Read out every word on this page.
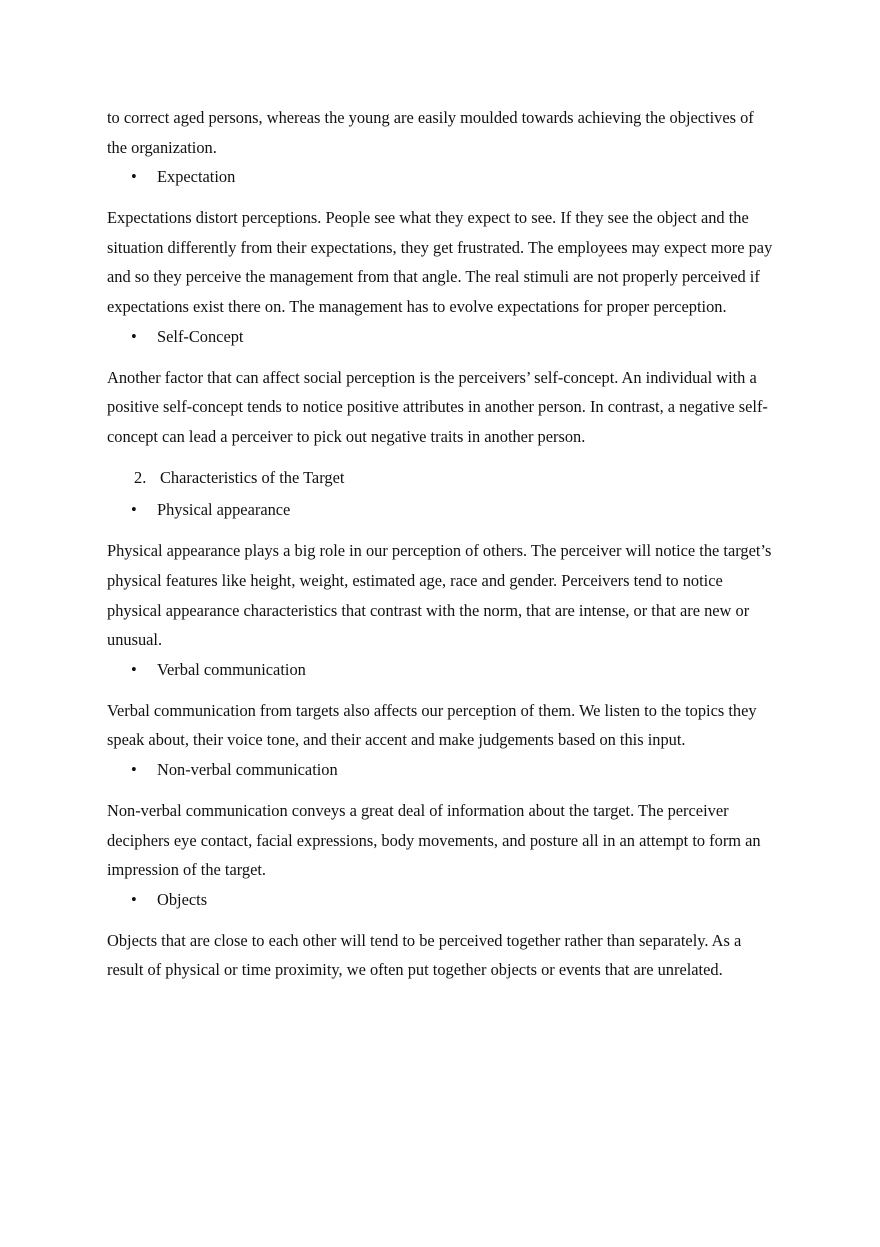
to correct aged persons, whereas the young are easily moulded towards achieving the objectives of the organization.

• Expectation

Expectations distort perceptions. People see what they expect to see. If they see the object and the situation differently from their expectations, they get frustrated. The employees may expect more pay and so they perceive the management from that angle. The real stimuli are not properly perceived if expectations exist there on. The management has to evolve expectations for proper perception.

• Self-Concept

Another factor that can affect social perception is the perceivers’ self-concept. An individual with a positive self-concept tends to notice positive attributes in another person. In contrast, a negative self-concept can lead a perceiver to pick out negative traits in another person.

2. Characteristics of the Target
• Physical appearance

Physical appearance plays a big role in our perception of others. The perceiver will notice the target’s physical features like height, weight, estimated age, race and gender. Perceivers tend to notice physical appearance characteristics that contrast with the norm, that are intense, or that are new or unusual.

• Verbal communication

Verbal communication from targets also affects our perception of them. We listen to the topics they speak about, their voice tone, and their accent and make judgements based on this input.

• Non-verbal communication

Non-verbal communication conveys a great deal of information about the target. The perceiver deciphers eye contact, facial expressions, body movements, and posture all in an attempt to form an impression of the target.

• Objects

Objects that are close to each other will tend to be perceived together rather than separately. As a result of physical or time proximity, we often put together objects or events that are unrelated.
